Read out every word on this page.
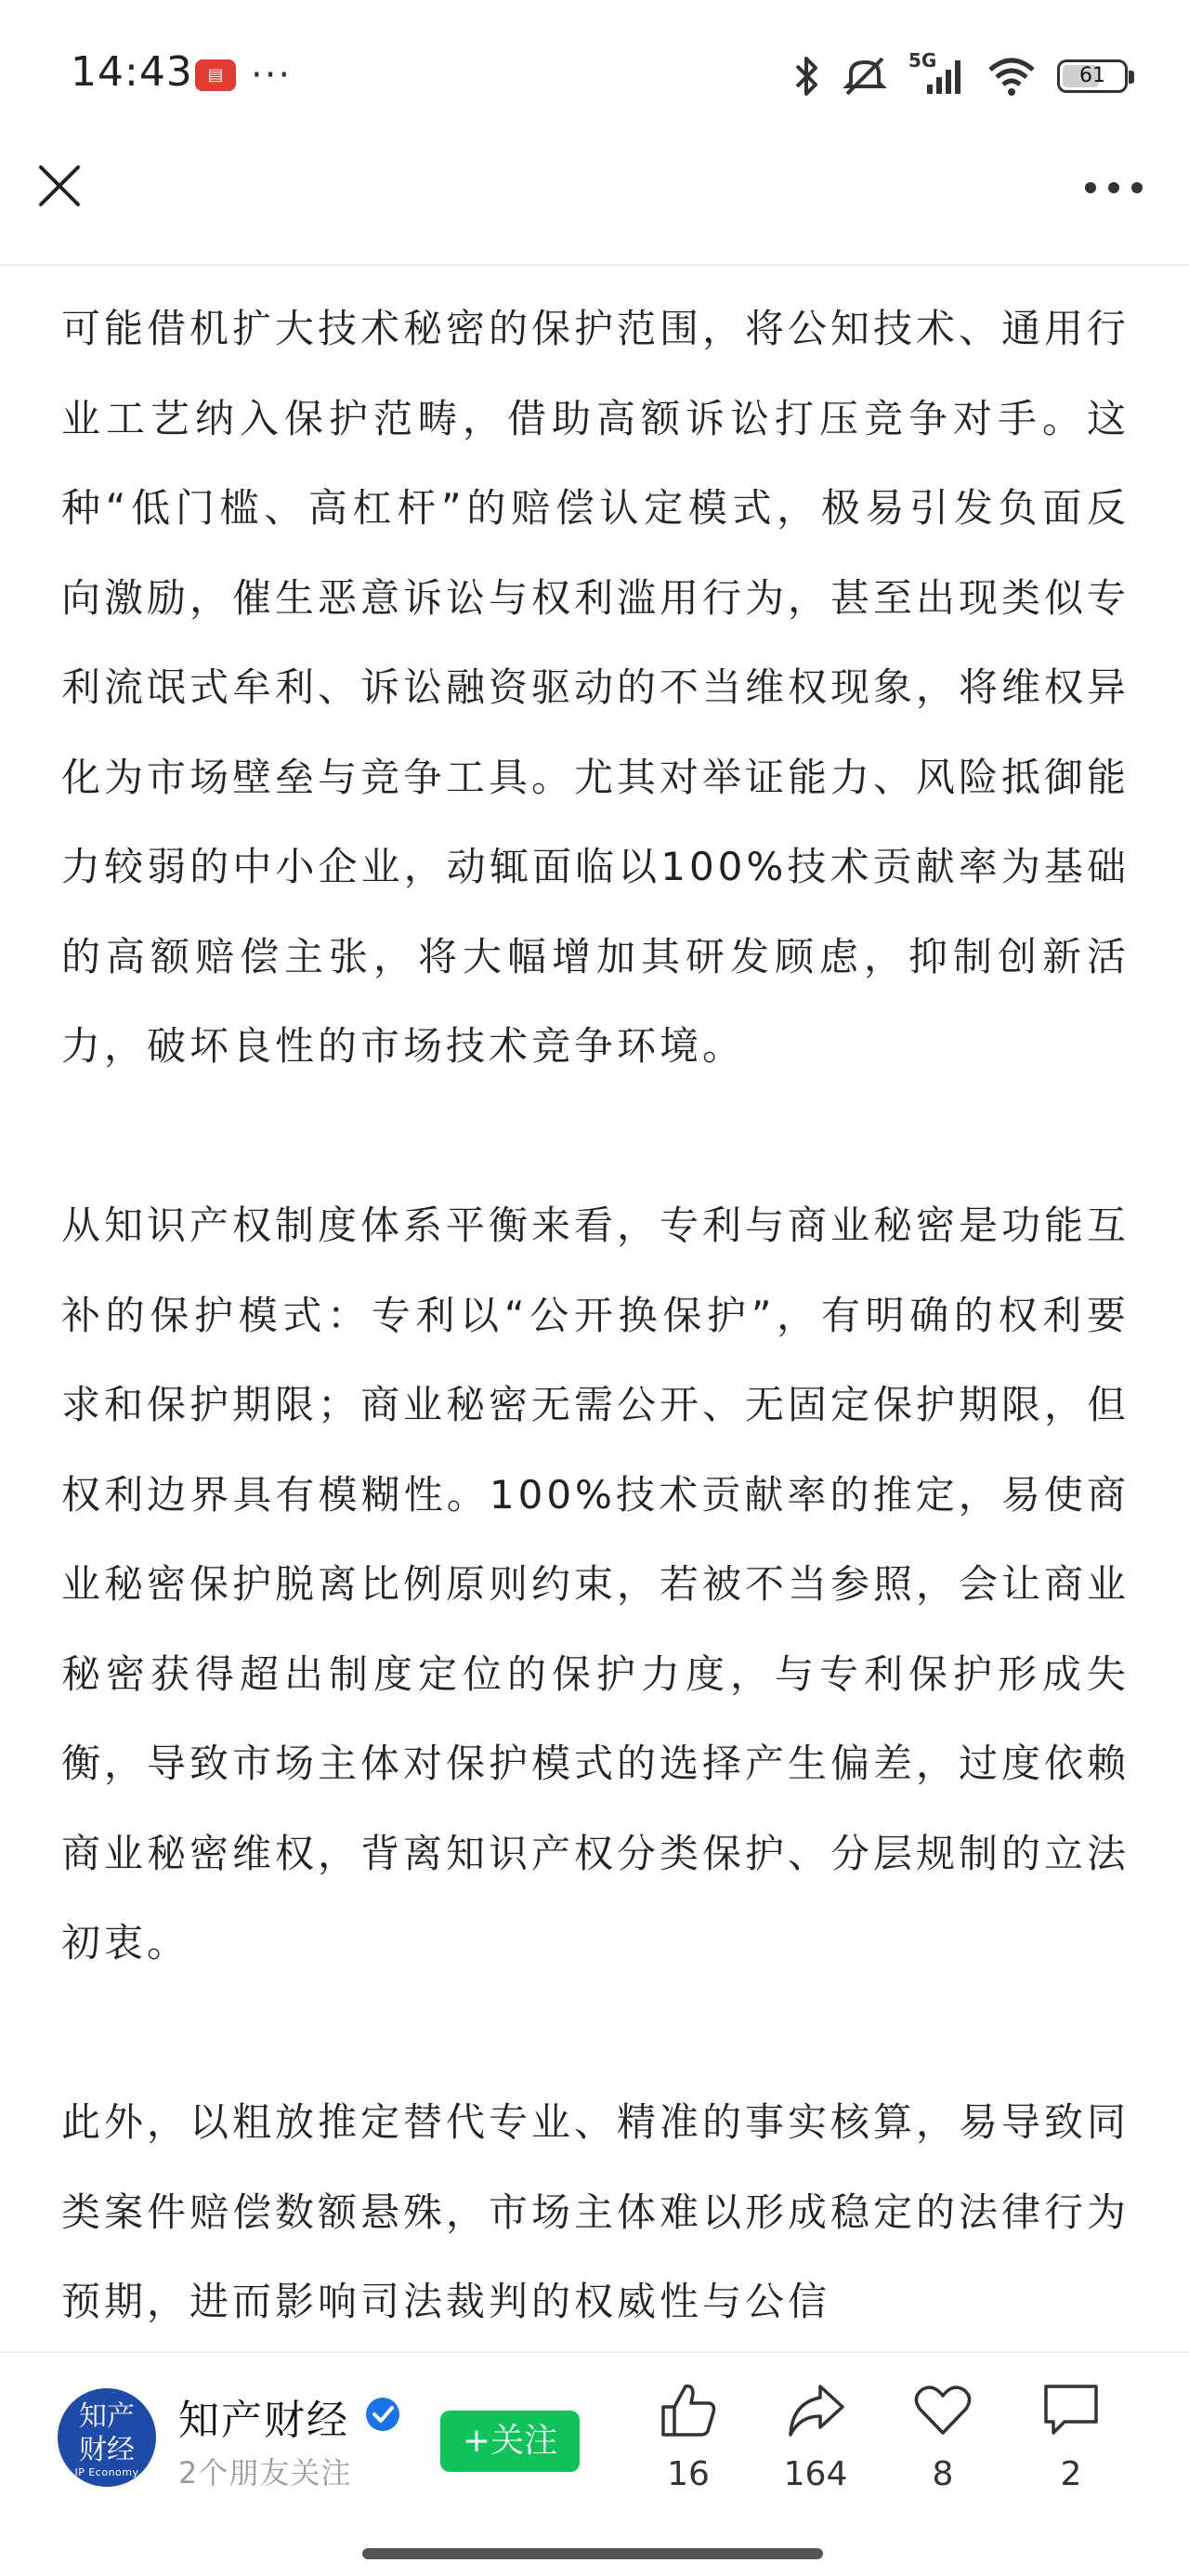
14:43 ▤ ···	5G
61

可能借机扩大技术秘密的保护范围，将公知技术、通用行业工艺纳入保护范畴，借助高额诉讼打压竞争对手。这种“低门槛、高杠杆”的赔偿认定模式，极易引发负面反向激励，催生恶意诉讼与权利滥用行为，甚至出现类似专利流氓式牟利、诉讼融资驱动的不当维权现象，将维权异化为市场壁垒与竞争工具。尤其对举证能力、风险抵御能力较弱的中小企业，动辄面临以100%技术贡献率为基础的高额赔偿主张，将大幅增加其研发顾虑，抑制创新活力，破坏良性的市场技术竞争环境。

从知识产权制度体系平衡来看，专利与商业秘密是功能互补的保护模式：专利以“公开换保护”，有明确的权利要求和保护期限；商业秘密无需公开、无固定保护期限，但权利边界具有模糊性。100%技术贡献率的推定，易使商业秘密保护脱离比例原则约束，若被不当参照，会让商业秘密获得超出制度定位的保护力度，与专利保护形成失衡，导致市场主体对保护模式的选择产生偏差，过度依赖商业秘密维权，背离知识产权分类保护、分层规制的立法初衷。

此外，以粗放推定替代专业、精准的事实核算，易导致同类案件赔偿数额悬殊，市场主体难以形成稳定的法律行为预期，进而影响司法裁判的权威性与公信

知产
财经
IP Economy
知产财经
2个朋友关注
+关注
16	164	8	2
